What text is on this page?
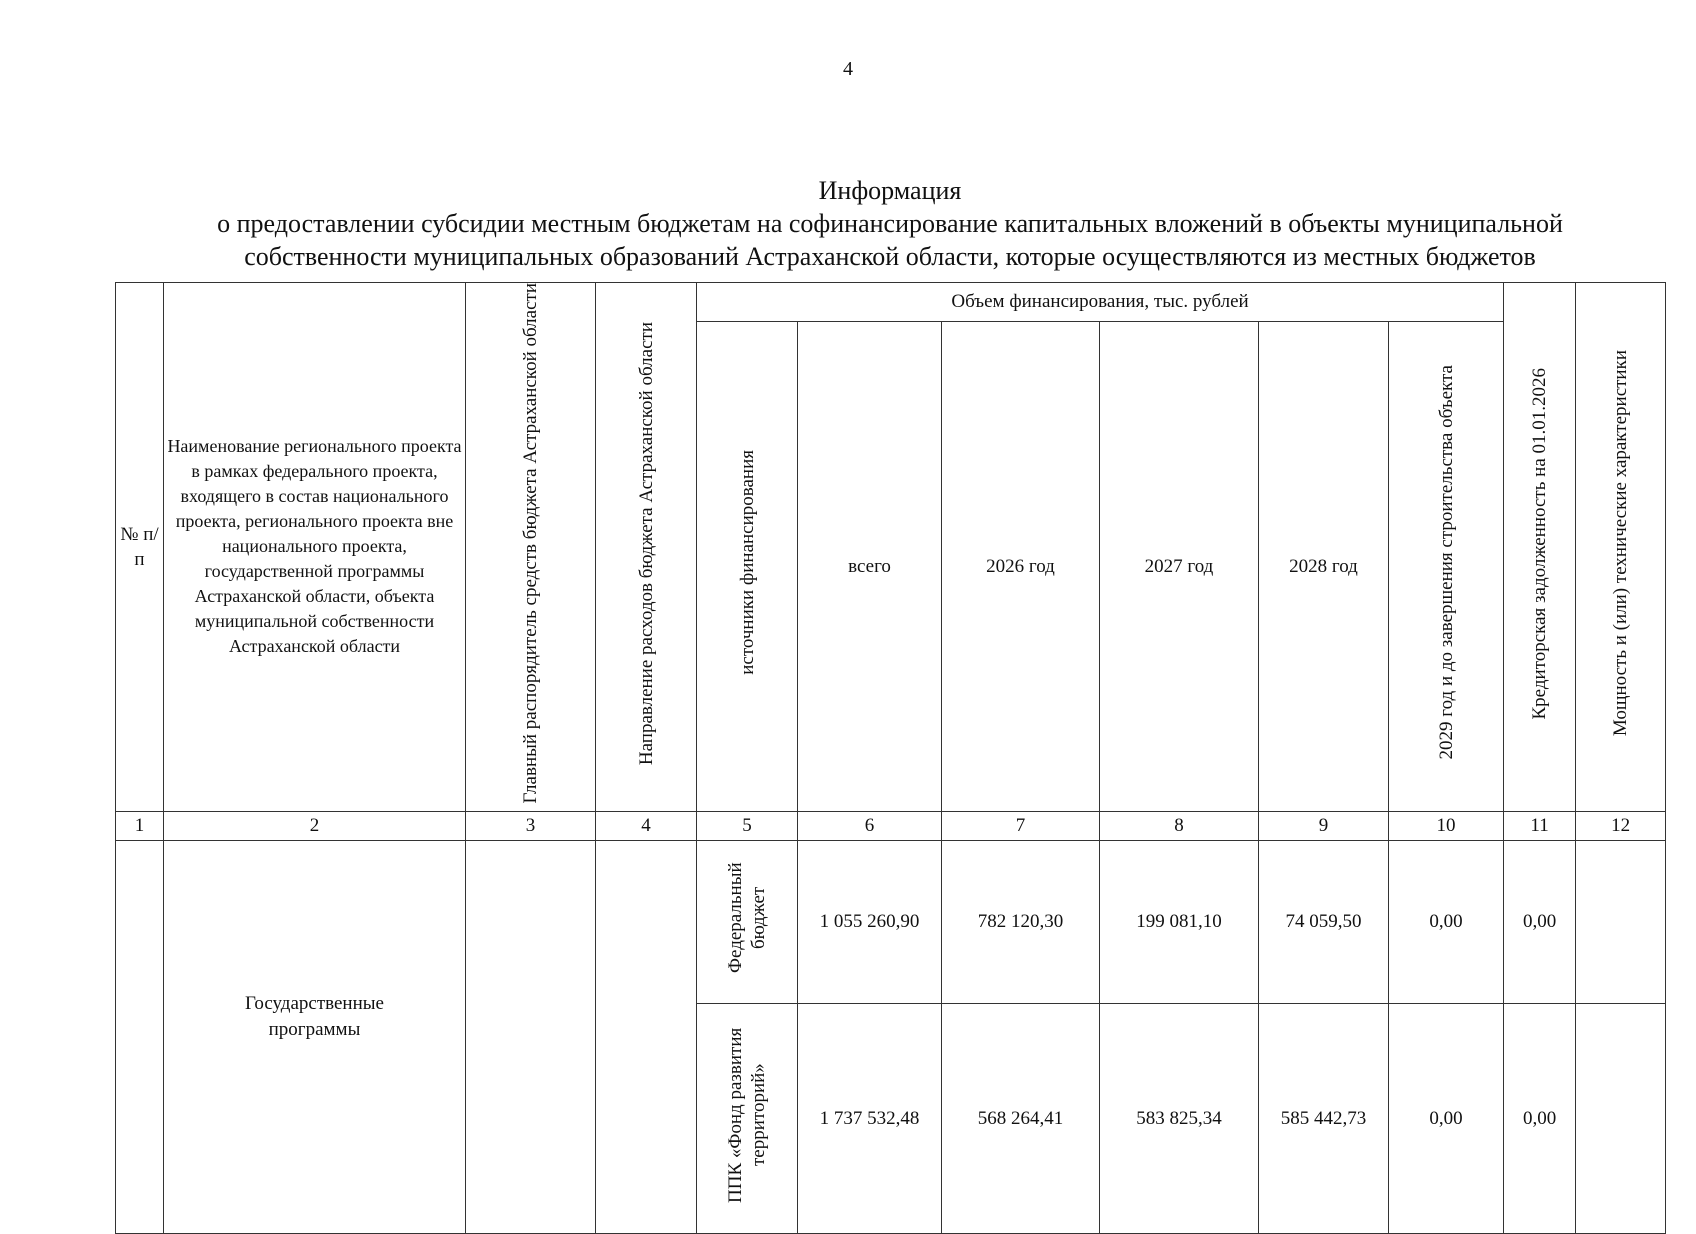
4
Информация
о предоставлении субсидии местным бюджетам на софинансирование капитальных вложений в объекты муниципальной
собственности муниципальных образований Астраханской области, которые осуществляются из местных бюджетов
№ п/п	Наименование регионального проекта в рамках федерального проекта, входящего в состав национального проекта, регионального проекта вне национального проекта, государственной программы Астраханской области, объекта муниципальной собственности Астраханской области	Главный распорядитель средств бюджета Астраханской области	Направление расходов бюджета Астраханской области	Объем финансирования, тыс. рублей						Кредиторская задолженность на 01.01.2026	Мощность и (или) технические характеристики
				источники финансирования	всего	2026 год	2027 год	2028 год	2029 год и до завершения строительства объекта		
1	2	3	4	5	6	7	8	9	10	11	12

	Государственные программы			Федеральный бюджет	1 055 260,90	782 120,30	199 081,10	74 059,50	0,00	0,00	
				ППК «Фонд развития территорий»	1 737 532,48	568 264,41	583 825,34	585 442,73	0,00	0,00	
